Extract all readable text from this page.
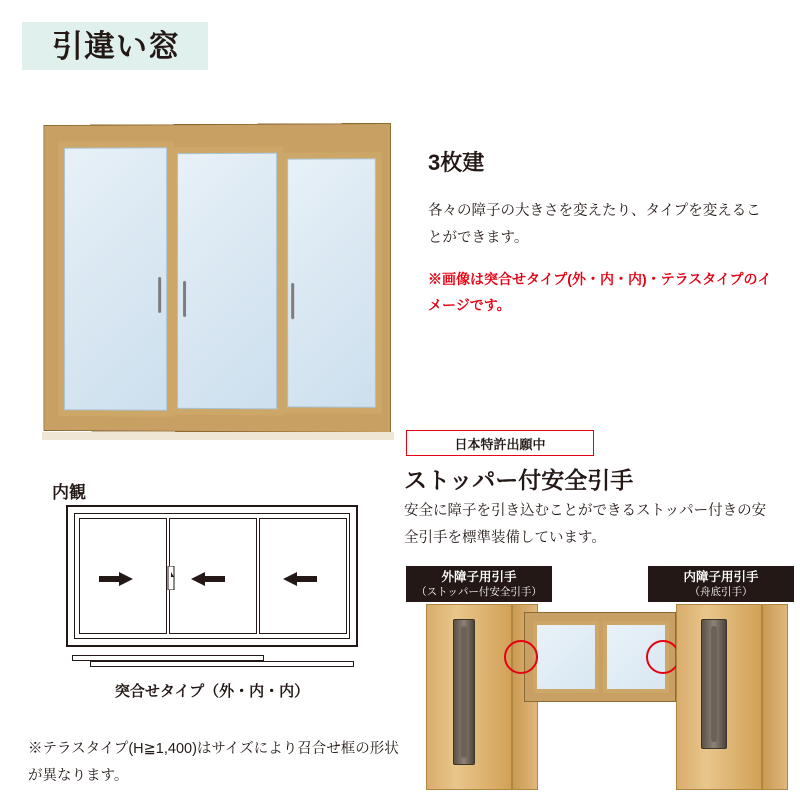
引違い窓
3枚建
各々の障子の大きさを変えたり、タイプを変えることができます。
※画像は突合せタイプ(外・内・内)・テラスタイプのイメージです。
日本特許出願中
ストッパー付安全引手
安全に障子を引き込むことができるストッパー付きの安全引手を標準装備しています。
内観
突合せタイプ（外・内・内）
※テラスタイプ(H≧1,400)はサイズにより召合せ框の形状が異なります。
外障子用引手
（ストッパー付安全引手）
内障子用引手
（舟底引手）
